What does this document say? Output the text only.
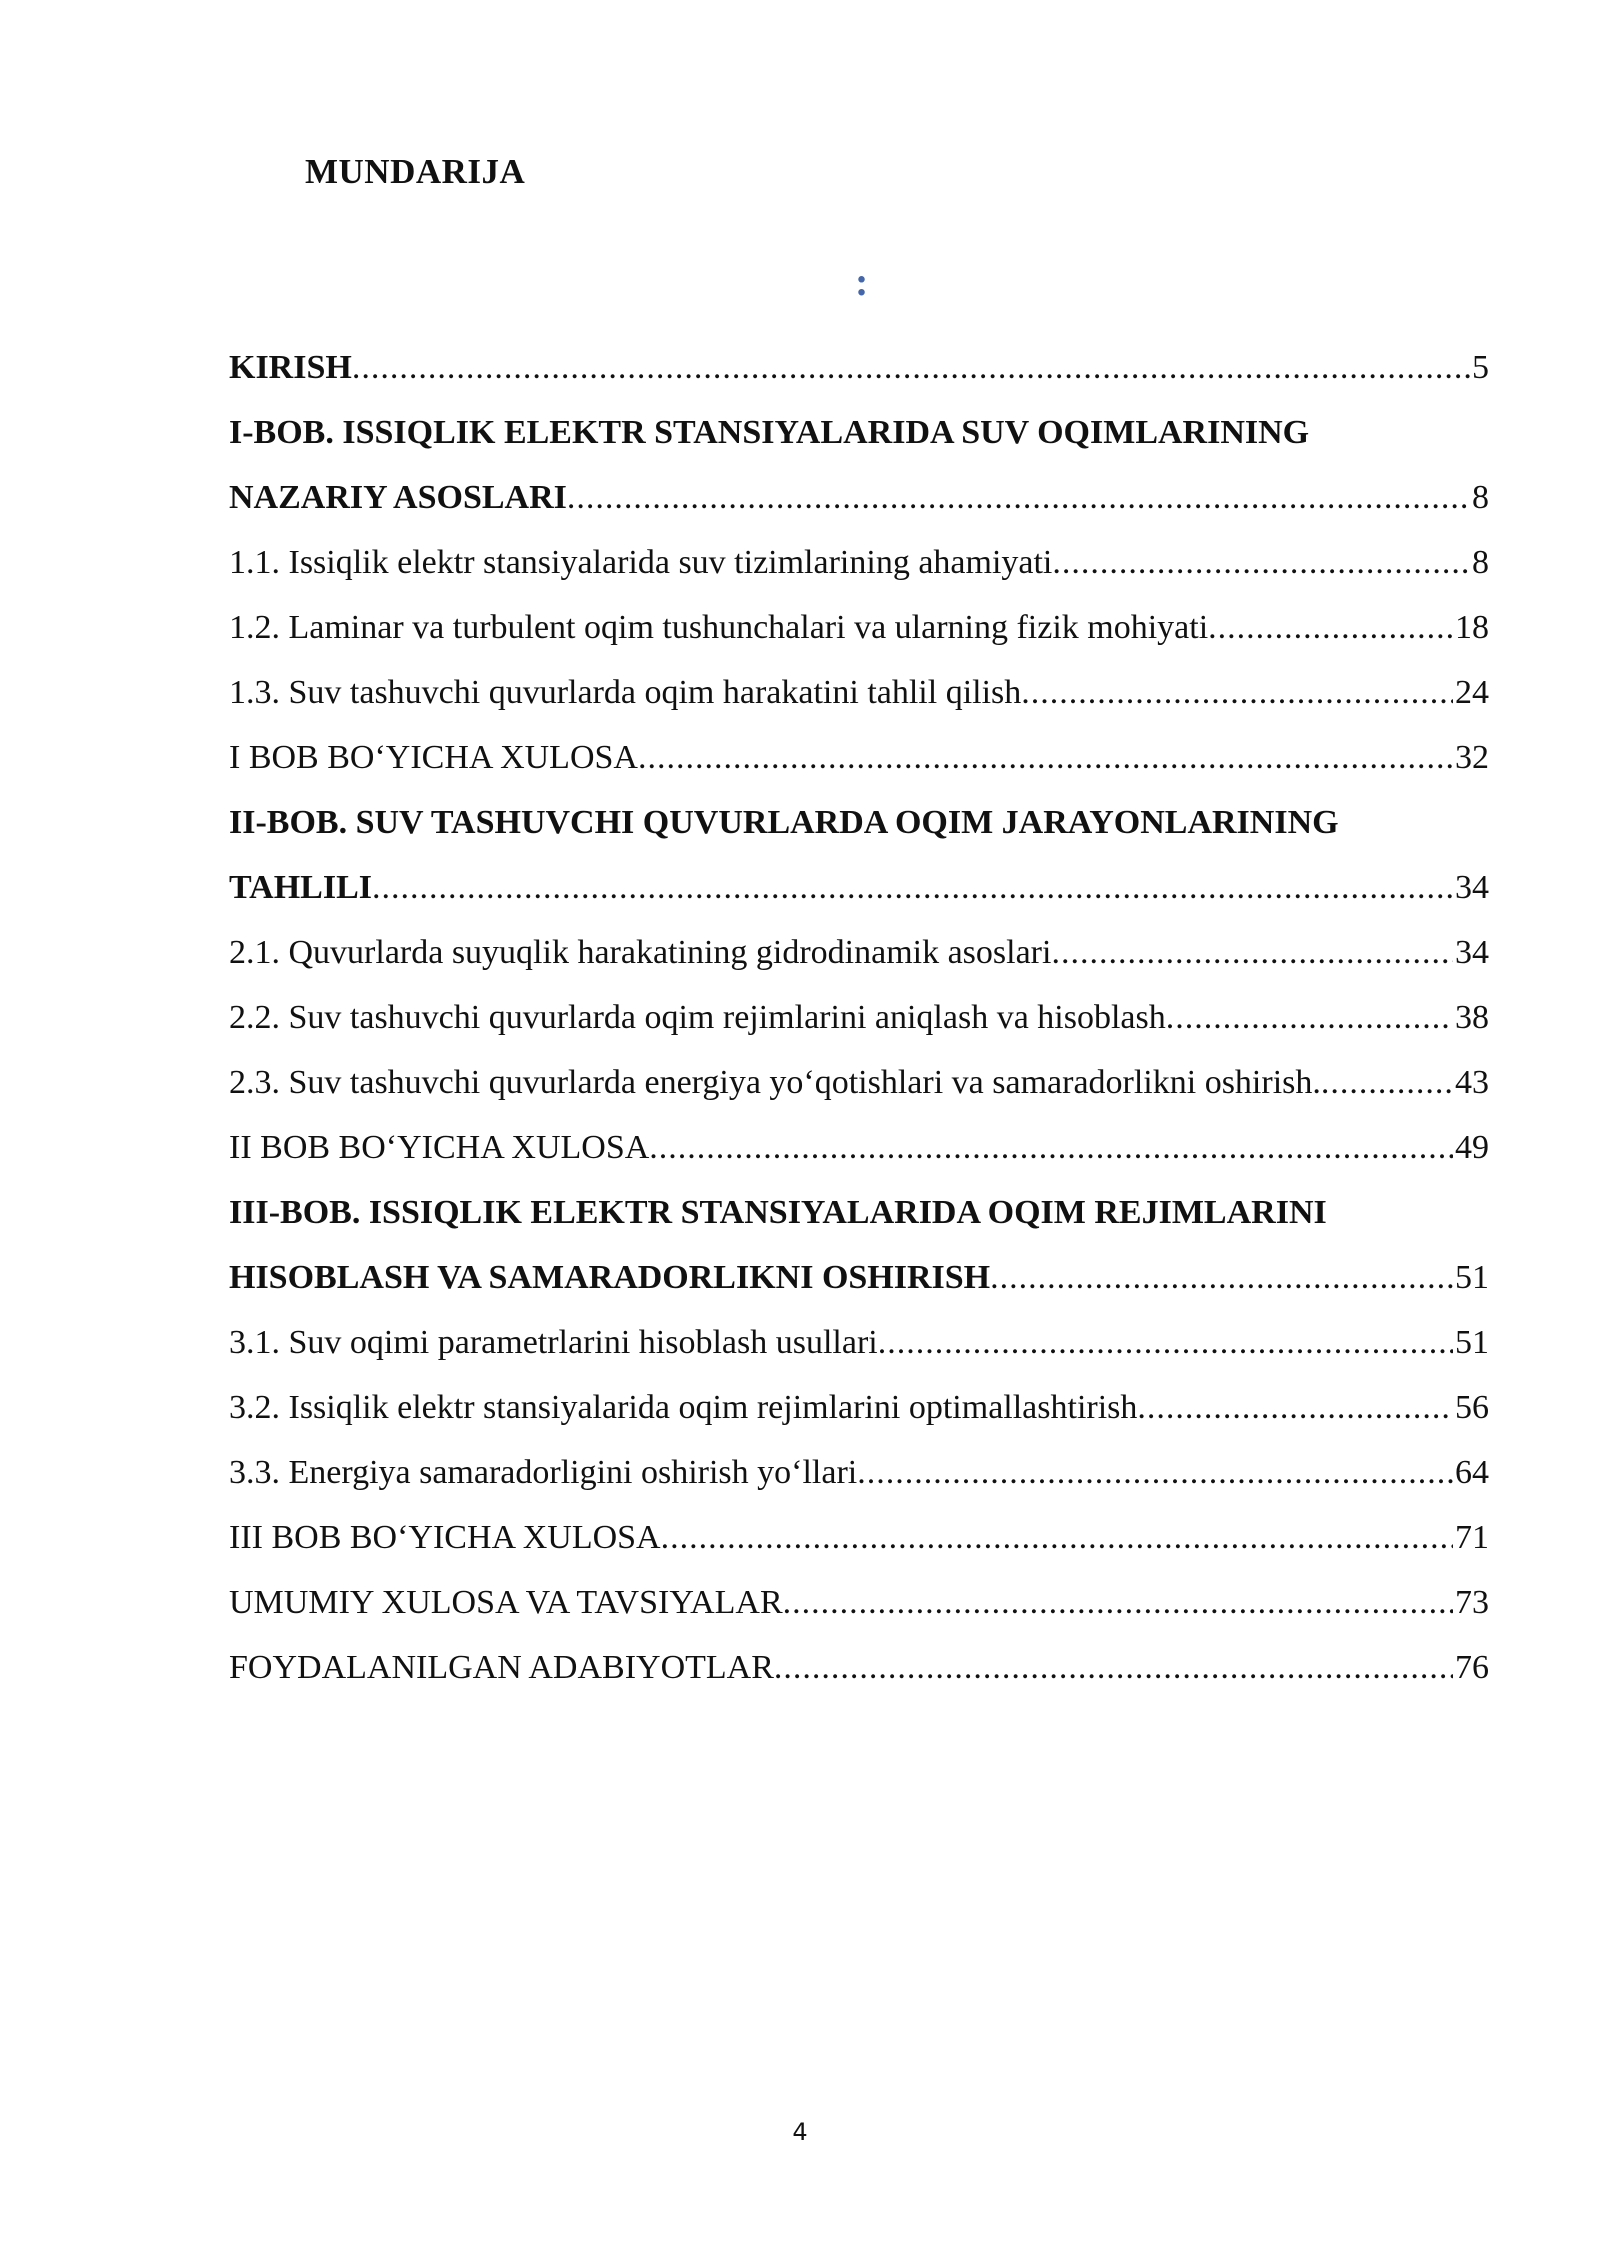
MUNDARIJA
:
KIRISH .....	5
I-BOB. ISSIQLIK ELEKTR STANSIYALARIDA SUV OQIMLARINING
NAZARIY ASOSLARI .....	8
1.1. Issiqlik elektr stansiyalarida suv tizimlarining ahamiyati .....	8
1.2. Laminar va turbulent oqim tushunchalari va ularning fizik mohiyati .....	18
1.3. Suv tashuvchi quvurlarda oqim harakatini tahlil qilish .....	24
I BOB BO‘YICHA XULOSA .....	32
II-BOB. SUV TASHUVCHI QUVURLARDA OQIM JARAYONLARINING
TAHLILI .....	34
2.1. Quvurlarda suyuqlik harakatining gidrodinamik asoslari .....	34
2.2. Suv tashuvchi quvurlarda oqim rejimlarini aniqlash va hisoblash .....	38
2.3. Suv tashuvchi quvurlarda energiya yo‘qotishlari va samaradorlikni oshirish. .....	43
II BOB BO‘YICHA XULOSA .....	49
III-BOB. ISSIQLIK ELEKTR STANSIYALARIDA OQIM REJIMLARINI
HISOBLASH VA SAMARADORLIKNI OSHIRISH .....	51
3.1. Suv oqimi parametrlarini hisoblash usullari .....	51
3.2. Issiqlik elektr stansiyalarida oqim rejimlarini optimallashtirish .....	56
3.3. Energiya samaradorligini oshirish yo‘llari .....	64
III BOB BO‘YICHA XULOSA .....	71
UMUMIY XULOSA VA TAVSIYALAR .....	73
FOYDALANILGAN ADABIYOTLAR .....	76
4
